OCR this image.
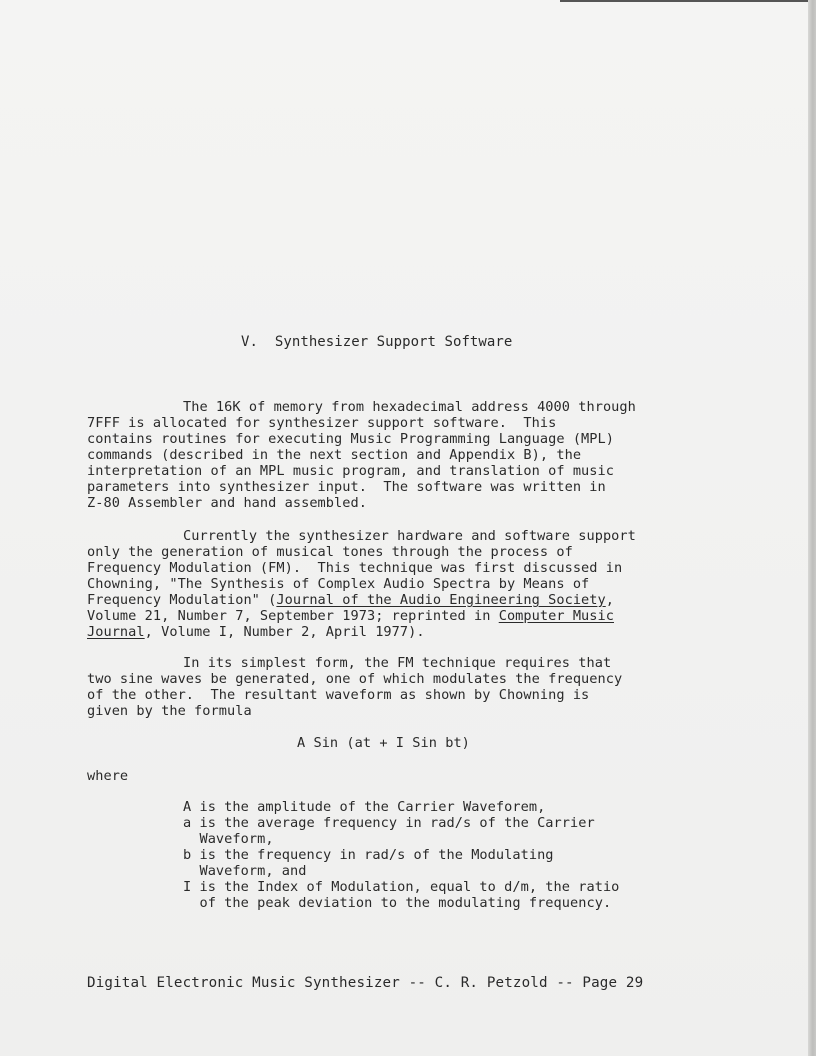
V.  Synthesizer Support Software
The 16K of memory from hexadecimal address 4000 through
7FFF is allocated for synthesizer support software.  This
contains routines for executing Music Programming Language (MPL)
commands (described in the next section and Appendix B), the
interpretation of an MPL music program, and translation of music
parameters into synthesizer input.  The software was written in
Z-80 Assembler and hand assembled.
Currently the synthesizer hardware and software support
only the generation of musical tones through the process of
Frequency Modulation (FM).  This technique was first discussed in
Chowning, "The Synthesis of Complex Audio Spectra by Means of
Frequency Modulation" (Journal of the Audio Engineering Society,
Volume 21, Number 7, September 1973; reprinted in Computer Music
Journal, Volume I, Number 2, April 1977).
In its simplest form, the FM technique requires that
two sine waves be generated, one of which modulates the frequency
of the other.  The resultant waveform as shown by Chowning is
given by the formula
A Sin (at + I Sin bt)
where
A is the amplitude of the Carrier Waveforem,
a is the average frequency in rad/s of the Carrier
Waveform,
b is the frequency in rad/s of the Modulating
Waveform, and
I is the Index of Modulation, equal to d/m, the ratio
of the peak deviation to the modulating frequency.
Digital Electronic Music Synthesizer -- C. R. Petzold -- Page 29
